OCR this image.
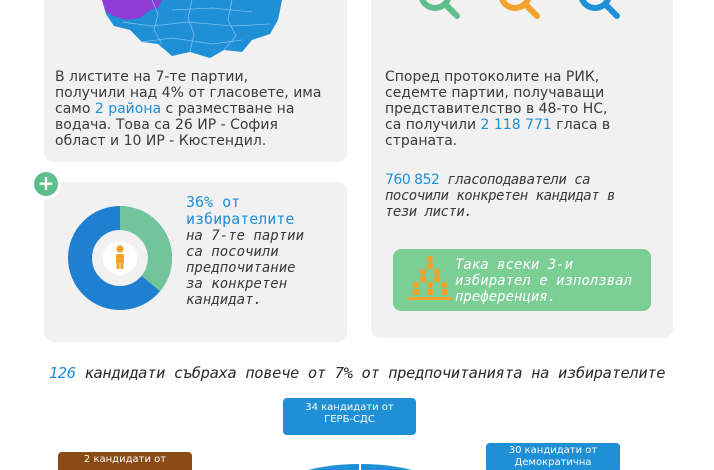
В листите на 7-те партии,
получили над 4% от гласовете, има
само 2 района с разместване на
водача. Това са 26 ИР - София
област и 10 ИР - Кюстендил.
+
36% от
избирателите
на 7-те партии
са посочили
предпочитание
за конкретен
кандидат.
Според протоколите на РИК,
седемте партии, получаващи
представителство в 48-то НС,
са получили 2 118 771 гласа в
страната.
760 852 гласоподаватели са
посочили конкретен кандидат в
тези листи.
Така всеки 3-и
избирател е използвал
преференция.
126 кандидати събраха повече от 7% от предпочитанията на избирателите
34 кандидати от
ГЕРБ-СДС
30 кандидати от
Демократична
2 кандидати от
